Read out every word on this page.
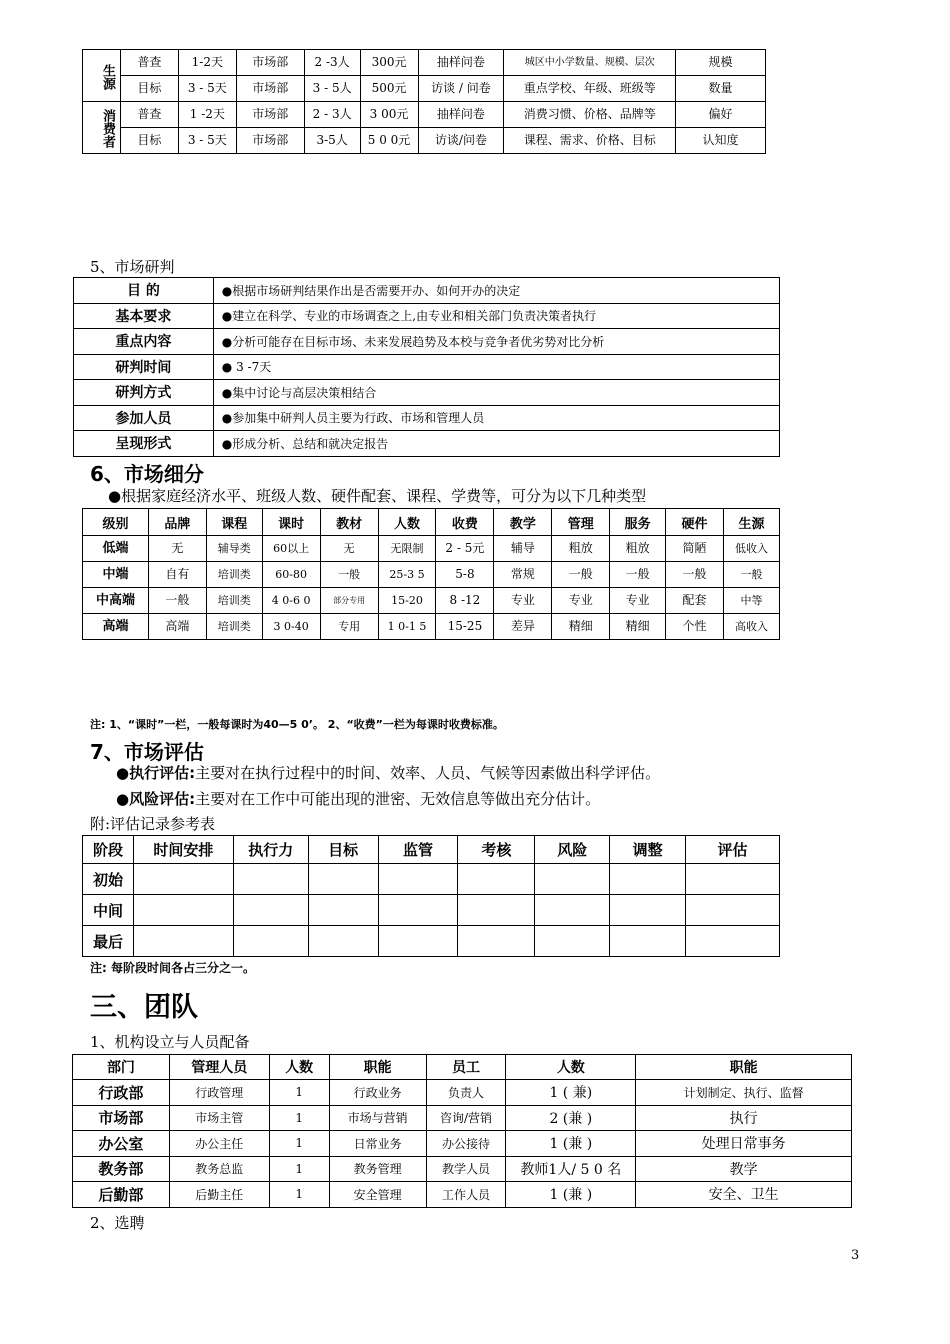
生源	普查	1-2天	市场部	2 -3人	300元	抽样问卷	城区中小学数量、规模、层次	规模
	目标	3 - 5天	市场部	3 - 5人	500元	访谈 / 问卷	重点学校、年级、班级等	数量
消费者	普查	1 -2天	市场部	2 - 3人	3 00元	抽样问卷	消费习惯、价格、品牌等	偏好
	目标	3 - 5天	市场部	3-5人	5 0 0元	访谈/问卷	课程、需求、价格、目标	认知度
5、市场研判
目 的	●根据市场研判结果作出是否需要开办、如何开办的决定
基本要求	●建立在科学、专业的市场调查之上,由专业和相关部门负责决策者执行
重点内容	●分析可能存在目标市场、未来发展趋势及本校与竞争者优劣势对比分析
研判时间	● 3 -7天
研判方式	●集中讨论与高层决策相结合
参加人员	●参加集中研判人员主要为行政、市场和管理人员
呈现形式	●形成分析、总结和就决定报告
6、市场细分
●根据家庭经济水平、班级人数、硬件配套、课程、学费等，可分为以下几种类型
级别	品牌	课程	课时	教材	人数	收费	教学	管理	服务	硬件	生源
低端	无	辅导类	60以上	无	无限制	2 - 5元	辅导	粗放	粗放	简陋	低收入
中端	自有	培训类	60-80	一般	25-3 5	5-8	常规	一般	一般	一般	一般
中高端	一般	培训类	4 0-6 0	部分专用	15-20	8 -12	专业	专业	专业	配套	中等
高端	高端	培训类	3 0-40	专用	1 0-1 5	15-25	差异	精细	精细	个性	高收入
注: 1、“课时”一栏，一般每课时为40—5 0’。 2、“收费”一栏为每课时收费标准。
7、市场评估
●执行评估:主要对在执行过程中的时间、效率、人员、气候等因素做出科学评估。
●风险评估:主要对在工作中可能出现的泄密、无效信息等做出充分估计。
附:评估记录参考表
阶段	时间安排	执行力	目标	监管	考核	风险	调整	评估
初始								
中间								
最后								
注: 每阶段时间各占三分之一。
三、团队
1、机构设立与人员配备
部门	管理人员	人数	职能	员工	人数	职能
行政部	行政管理	1	行政业务	负责人	1 ( 兼)	计划制定、执行、监督
市场部	市场主管	1	市场与营销	咨询/营销	2 (兼 )	执行
办公室	办公主任	1	日常业务	办公接待	1 (兼 )	处理日常事务
教务部	教务总监	1	教务管理	教学人员	教师1人/ 5 0 名	教学
后勤部	后勤主任	1	安全管理	工作人员	1 (兼 )	安全、卫生
2、选聘
3
